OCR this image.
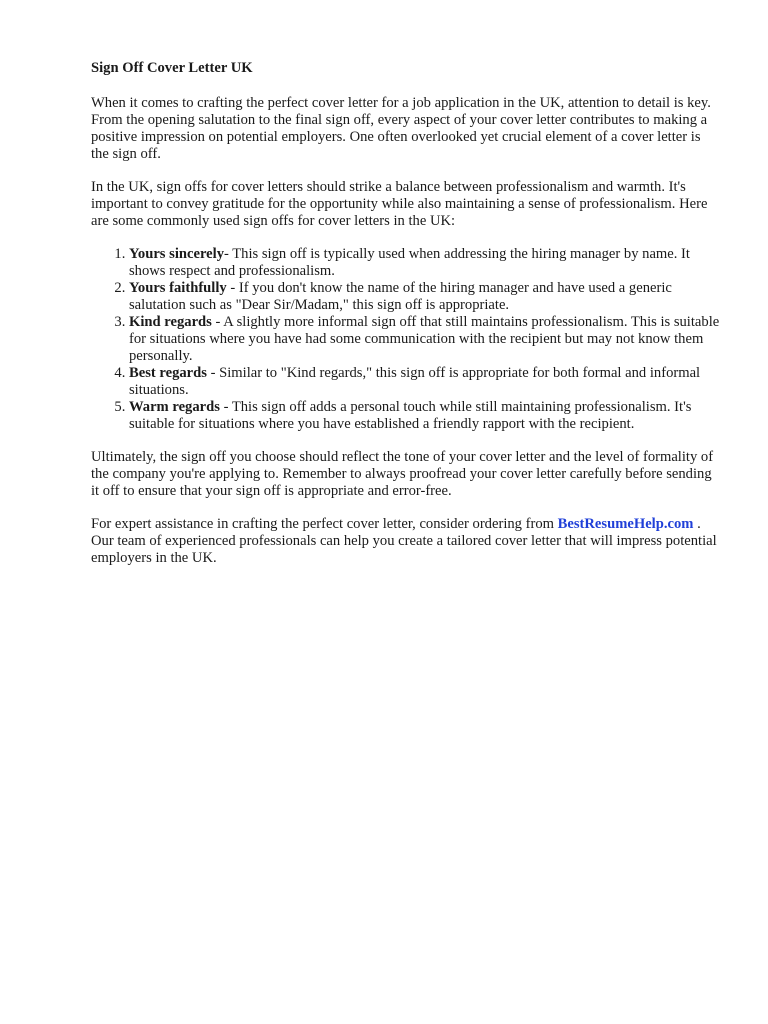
Sign Off Cover Letter UK

When it comes to crafting the perfect cover letter for a job application in the UK, attention to detail is key. From the opening salutation to the final sign off, every aspect of your cover letter contributes to making a positive impression on potential employers. One often overlooked yet crucial element of a cover letter is the sign off.

In the UK, sign offs for cover letters should strike a balance between professionalism and warmth. It's important to convey gratitude for the opportunity while also maintaining a sense of professionalism. Here are some commonly used sign offs for cover letters in the UK:

1. Yours sincerely- This sign off is typically used when addressing the hiring manager by name. It shows respect and professionalism.
2. Yours faithfully - If you don't know the name of the hiring manager and have used a generic salutation such as "Dear Sir/Madam," this sign off is appropriate.
3. Kind regards - A slightly more informal sign off that still maintains professionalism. This is suitable for situations where you have had some communication with the recipient but may not know them personally.
4. Best regards - Similar to "Kind regards," this sign off is appropriate for both formal and informal situations.
5. Warm regards - This sign off adds a personal touch while still maintaining professionalism. It's suitable for situations where you have established a friendly rapport with the recipient.

Ultimately, the sign off you choose should reflect the tone of your cover letter and the level of formality of the company you're applying to. Remember to always proofread your cover letter carefully before sending it off to ensure that your sign off is appropriate and error-free.

For expert assistance in crafting the perfect cover letter, consider ordering from BestResumeHelp.com . Our team of experienced professionals can help you create a tailored cover letter that will impress potential employers in the UK.
